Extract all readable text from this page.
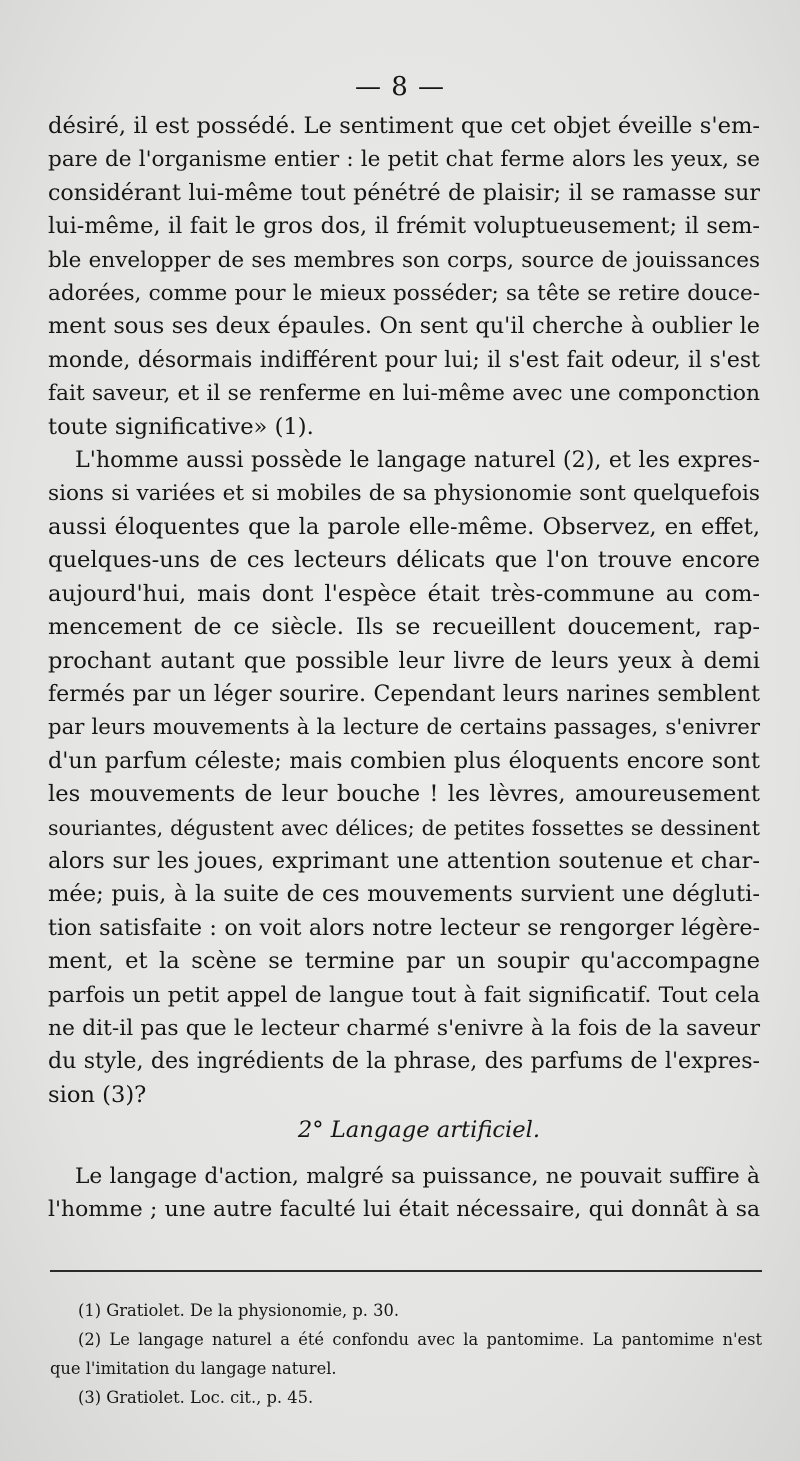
— 8 —
désiré, il est possédé. Le sentiment que cet objet éveille s'em-
pare de l'organisme entier : le petit chat ferme alors les yeux, se
considérant lui-même tout pénétré de plaisir; il se ramasse sur
lui-même, il fait le gros dos, il frémit voluptueusement; il sem-
ble envelopper de ses membres son corps, source de jouissances
adorées, comme pour le mieux posséder; sa tête se retire douce-
ment sous ses deux épaules. On sent qu'il cherche à oublier le
monde, désormais indifférent pour lui; il s'est fait odeur, il s'est
fait saveur, et il se renferme en lui-même avec une componction
toute significative» (1).
L'homme aussi possède le langage naturel (2), et les expres-
sions si variées et si mobiles de sa physionomie sont quelquefois
aussi éloquentes que la parole elle-même. Observez, en effet,
quelques-uns de ces lecteurs délicats que l'on trouve encore
aujourd'hui, mais dont l'espèce était très-commune au com-
mencement de ce siècle. Ils se recueillent doucement, rap-
prochant autant que possible leur livre de leurs yeux à demi
fermés par un léger sourire. Cependant leurs narines semblent
par leurs mouvements à la lecture de certains passages, s'enivrer
d'un parfum céleste; mais combien plus éloquents encore sont
les mouvements de leur bouche ! les lèvres, amoureusement
souriantes, dégustent avec délices; de petites fossettes se dessinent
alors sur les joues, exprimant une attention soutenue et char-
mée; puis, à la suite de ces mouvements survient une dégluti-
tion satisfaite : on voit alors notre lecteur se rengorger légère-
ment, et la scène se termine par un soupir qu'accompagne
parfois un petit appel de langue tout à fait significatif. Tout cela
ne dit-il pas que le lecteur charmé s'enivre à la fois de la saveur
du style, des ingrédients de la phrase, des parfums de l'expres-
sion (3)?
2° Langage artificiel.
Le langage d'action, malgré sa puissance, ne pouvait suffire à
l'homme ; une autre faculté lui était nécessaire, qui donnât à sa
(1) Gratiolet. De la physionomie, p. 30.
(2) Le langage naturel a été confondu avec la pantomime. La pantomime n'est
que l'imitation du langage naturel.
(3) Gratiolet. Loc. cit., p. 45.
